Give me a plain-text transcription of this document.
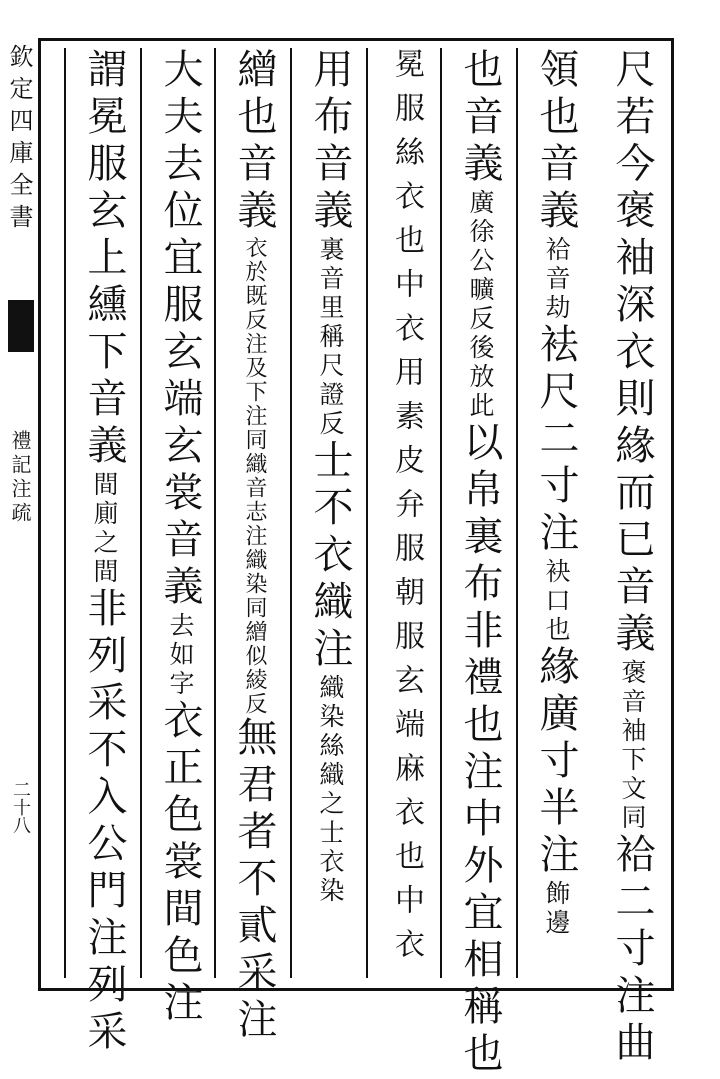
欽定四庫全書
禮記注疏
二十八
尺若今褒袖深衣則緣而已音義褒音袖下文同袷二寸注曲
領也音義袷音劫袪尺二寸注袂口也緣廣寸半注飾邊
也音義廣徐公曠反後放此以帛裏布非禮也注中外宜相稱也
冕服絲衣也中衣用素皮弁服朝服玄端麻衣也中衣
用布音義裏音里稱尺證反士不衣織注織染絲織之士衣染
繒也音義衣於既反注及下注同織音志注織染同繒似綾反無君者不貳采注
大夫去位宜服玄端玄裳音義去如字衣正色裳間色注
謂冕服玄上纁下音義間廁之間非列采不入公門注列采
